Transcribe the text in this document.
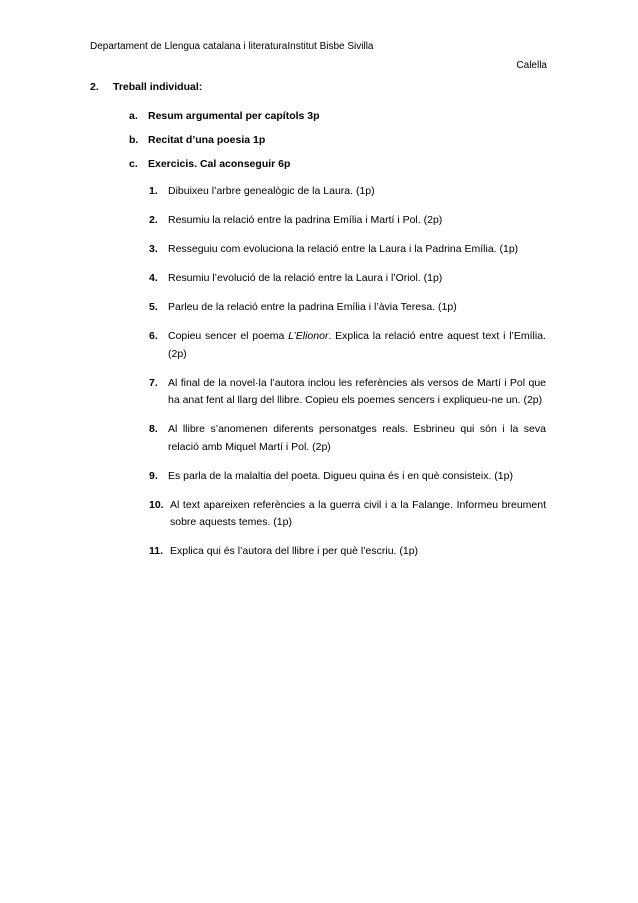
Departament de Llengua catalana i literaturaInstitut Bisbe Sivilla
Calella
2. Treball individual:
a. Resum argumental per capítols 3p
b. Recitat d’una poesia 1p
c. Exercicis. Cal aconseguir 6p
1. Dibuixeu l’arbre genealògic de la Laura. (1p)
2. Resumiu la relació entre la padrina Emília i Martí i Pol. (2p)
3. Resseguiu com evoluciona la relació entre la Laura i la Padrina Emília. (1p)
4. Resumiu l’evolució de la relació entre la Laura i l’Oriol. (1p)
5. Parleu de la relació entre la padrina Emília i l’àvia Teresa. (1p)
6. Copieu sencer el poema L’Elionor. Explica la relació entre aquest text i l’Emília. (2p)
7. Al final de la novel·la l’autora inclou les referències als versos de Martí i Pol que ha anat fent al llarg del llibre. Copieu els poemes sencers i expliqueu-ne un. (2p)
8. Al llibre s’anomenen diferents personatges reals. Esbrineu qui són i la seva relació amb Miquel Martí i Pol. (2p)
9. Es parla de la malaltia del poeta. Digueu quina és i en què consisteix. (1p)
10. Al text apareixen referències a la guerra civil i a la Falange. Informeu breument sobre aquests temes. (1p)
11. Explica qui és l’autora del llibre i per què l’escriu. (1p)
